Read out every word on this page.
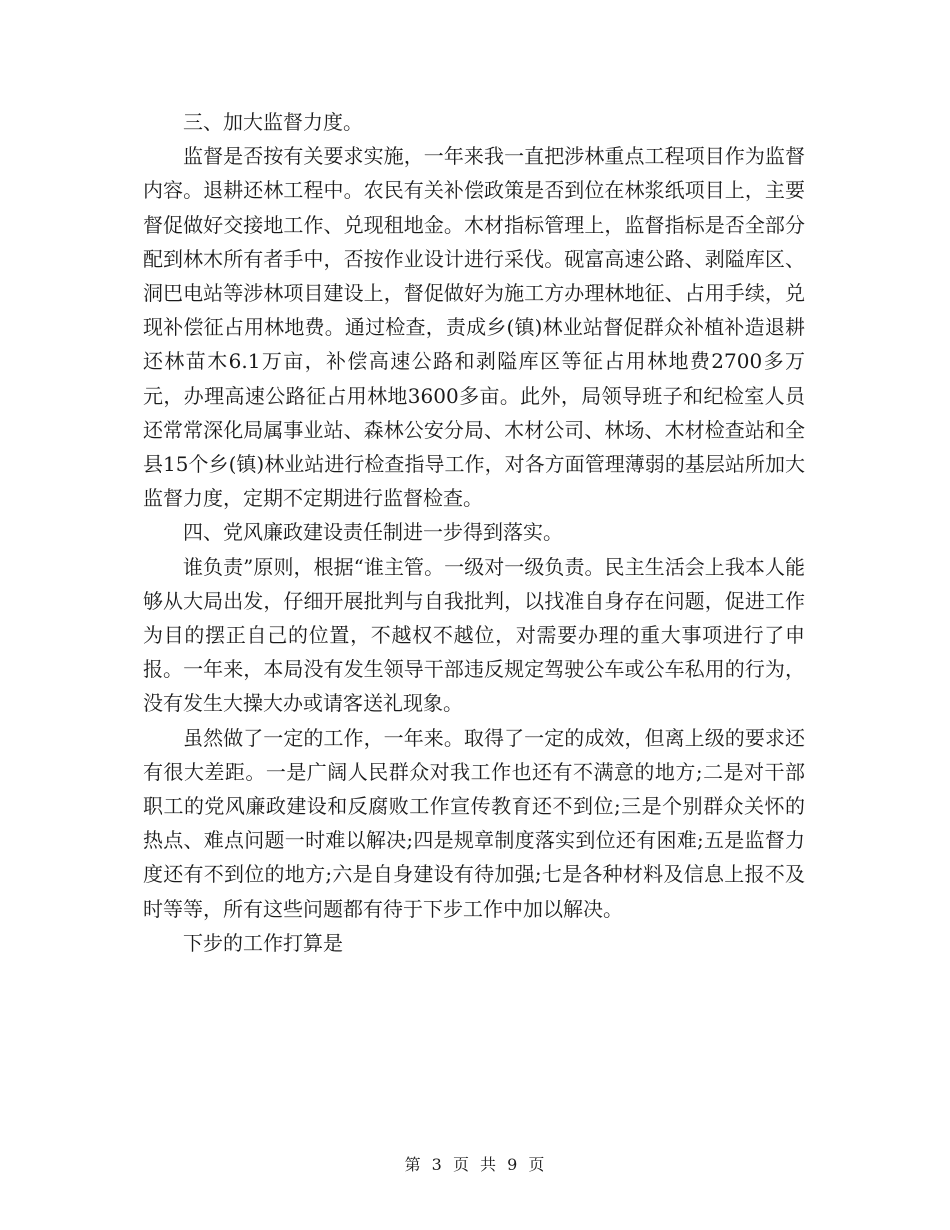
三、加大监督力度。

监督是否按有关要求实施，一年来我一直把涉林重点工程项目作为监督内容。退耕还林工程中。农民有关补偿政策是否到位在林浆纸项目上，主要督促做好交接地工作、兑现租地金。木材指标管理上，监督指标是否全部分配到林木所有者手中，否按作业设计进行采伐。砚富高速公路、剥隘库区、洞巴电站等涉林项目建设上，督促做好为施工方办理林地征、占用手续，兑现补偿征占用林地费。通过检查，责成乡(镇)林业站督促群众补植补造退耕还林苗木6.1万亩，补偿高速公路和剥隘库区等征占用林地费2700多万元，办理高速公路征占用林地3600多亩。此外，局领导班子和纪检室人员还常常深化局属事业站、森林公安分局、木材公司、林场、木材检查站和全县15个乡(镇)林业站进行检查指导工作，对各方面管理薄弱的基层站所加大监督力度，定期不定期进行监督检查。

四、党风廉政建设责任制进一步得到落实。

谁负责”原则，根据“谁主管。一级对一级负责。民主生活会上我本人能够从大局出发，仔细开展批判与自我批判，以找准自身存在问题，促进工作为目的摆正自己的位置，不越权不越位，对需要办理的重大事项进行了申报。一年来，本局没有发生领导干部违反规定驾驶公车或公车私用的行为，没有发生大操大办或请客送礼现象。

虽然做了一定的工作，一年来。取得了一定的成效，但离上级的要求还有很大差距。一是广阔人民群众对我工作也还有不满意的地方;二是对干部职工的党风廉政建设和反腐败工作宣传教育还不到位;三是个别群众关怀的热点、难点问题一时难以解决;四是规章制度落实到位还有困难;五是监督力度还有不到位的地方;六是自身建设有待加强;七是各种材料及信息上报不及时等等，所有这些问题都有待于下步工作中加以解决。

下步的工作打算是

第 3 页 共 9 页
